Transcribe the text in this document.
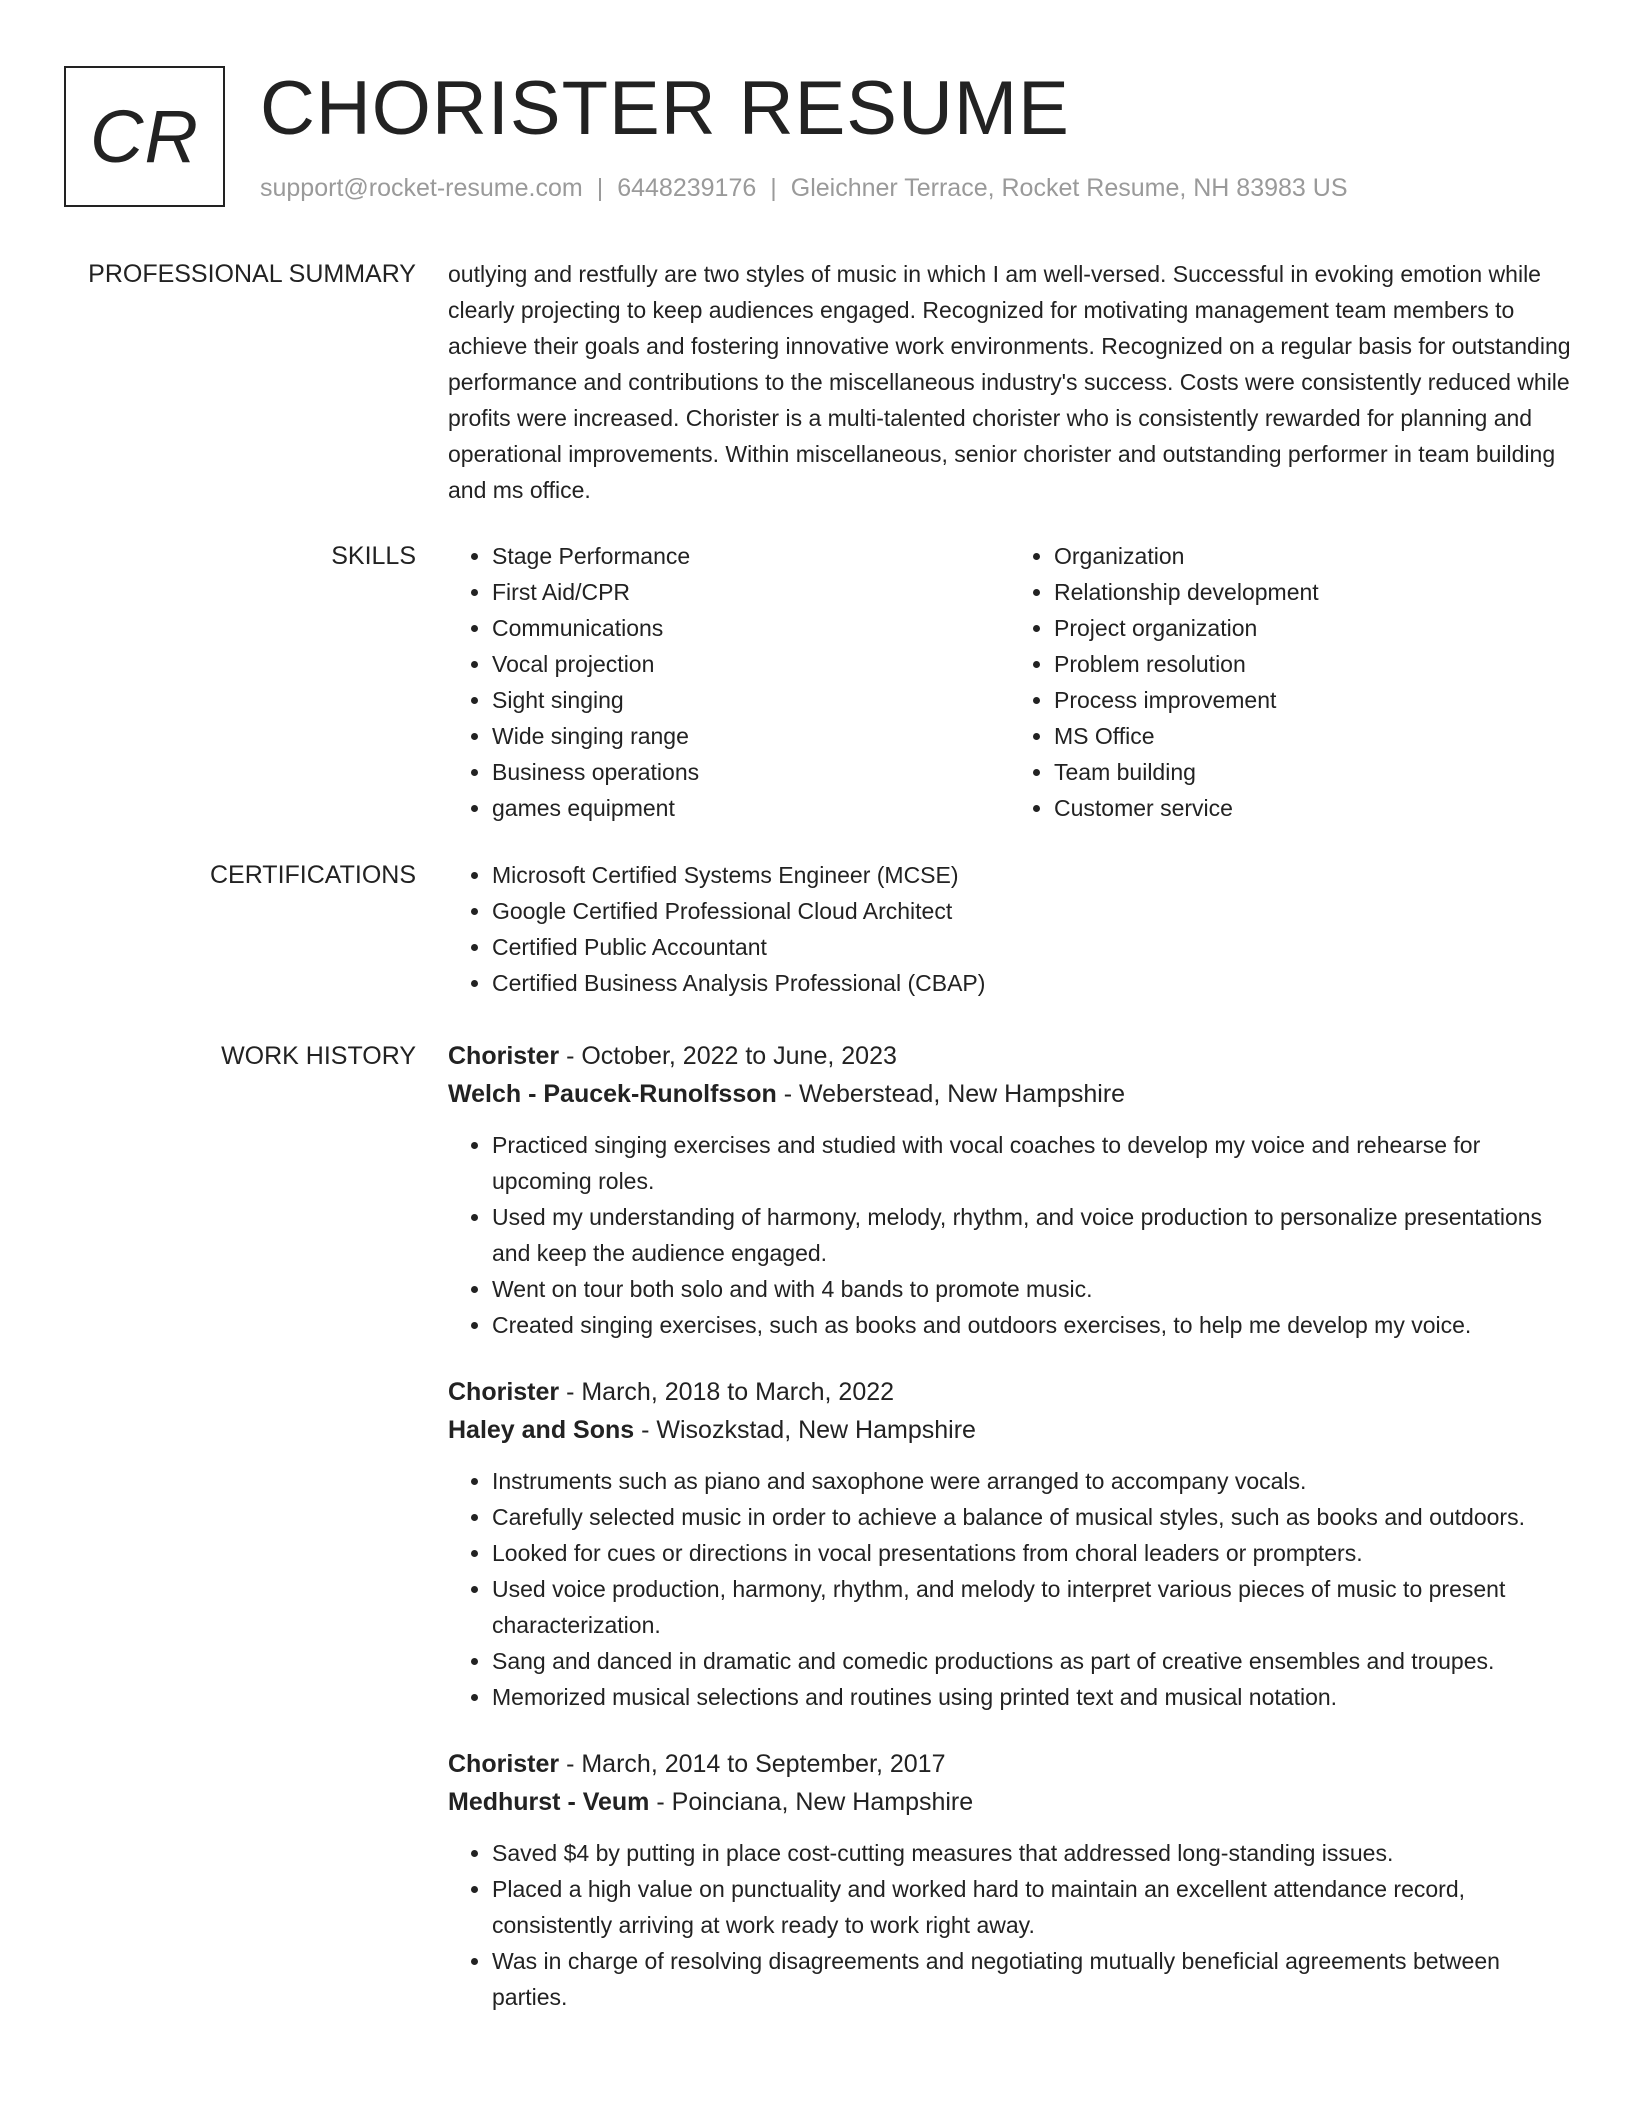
CR CHORISTER RESUME
support@rocket-resume.com | 6448239176 | Gleichner Terrace, Rocket Resume, NH 83983 US
PROFESSIONAL SUMMARY outlying and restfully are two styles of music in which I am well-versed. Successful in evoking emotion while clearly projecting to keep audiences engaged. Recognized for motivating management team members to achieve their goals and fostering innovative work environments. Recognized on a regular basis for outstanding performance and contributions to the miscellaneous industry's success. Costs were consistently reduced while profits were increased. Chorister is a multi-talented chorister who is consistently rewarded for planning and operational improvements. Within miscellaneous, senior chorister and outstanding performer in team building and ms office.

SKILLS	• Stage Performance
• First Aid/CPR
• Communications
• Vocal projection
• Sight singing
• Wide singing range
• Business operations
• games equipment
• Organization
• Relationship development
• Project organization
• Problem resolution
• Process improvement
• MS Office
• Team building
• Customer service
CERTIFICATIONS	• Microsoft Certified Systems Engineer (MCSE)
• Google Certified Professional Cloud Architect
• Certified Public Accountant
• Certified Business Analysis Professional (CBAP)
WORK HISTORY Chorister - October, 2022 to June, 2023
Welch - Paucek-Runolfsson - Weberstead, New Hampshire
• Practiced singing exercises and studied with vocal coaches to develop my voice and rehearse for upcoming roles.
• Used my understanding of harmony, melody, rhythm, and voice production to personalize presentations and keep the audience engaged.
• Went on tour both solo and with 4 bands to promote music.
• Created singing exercises, such as books and outdoors exercises, to help me develop my voice.
Chorister - March, 2018 to March, 2022
Haley and Sons - Wisozkstad, New Hampshire
• Instruments such as piano and saxophone were arranged to accompany vocals.
• Carefully selected music in order to achieve a balance of musical styles, such as books and outdoors.
• Looked for cues or directions in vocal presentations from choral leaders or prompters.
• Used voice production, harmony, rhythm, and melody to interpret various pieces of music to present characterization.
• Sang and danced in dramatic and comedic productions as part of creative ensembles and troupes.
• Memorized musical selections and routines using printed text and musical notation.
Chorister - March, 2014 to September, 2017
Medhurst - Veum - Poinciana, New Hampshire
• Saved $4 by putting in place cost-cutting measures that addressed long-standing issues.
• Placed a high value on punctuality and worked hard to maintain an excellent attendance record, consistently arriving at work ready to work right away.
• Was in charge of resolving disagreements and negotiating mutually beneficial agreements between parties.
